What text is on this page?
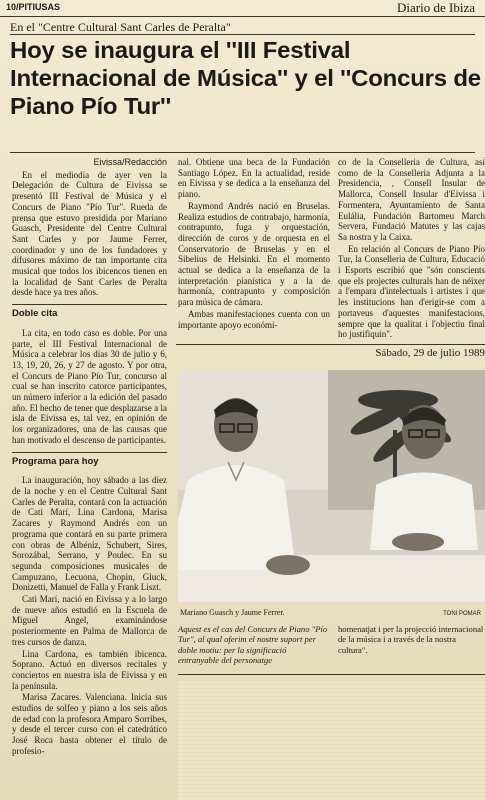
10/PITIUSAS	Diario de Ibiza
En el "Centre Cultural Sant Carles de Peralta"
Hoy se inaugura el ''III Festival Internacional de Música'' y el ''Concurs de Piano Pío Tur''
Eivissa/Redacción

En el mediodía de ayer ven la Delegación de Cultura de Eivissa se presentó III Festival de Música y el Concurs de Piano "Pío Tur". Rueda de prensa que estuvo presidida por Mariano Guasch, Presidente del Centre Cultural Sant Carles y por Jaume Ferrer, coordinador y uno de los fundadores y difusores máximo de tan importante cita musical que todos los ibicencos tienen en la localidad de Sant Carles de Peralta desde hace ya tres años.

Doble cita

La cita, en todo caso es doble. Por una parte, el III Festival Internacional de Música a celebrar los días 30 de julio y 6, 13, 19, 20, 26, y 27 de agosto. Y por otra, el Concurs de Piano Pío Tur, concurso al cual se han inscrito catorce participantes, un número inferior a la edición del pasado año. El hecho de tener que desplazarse a la isla de Eivissa es, tal vez, en opinión de los organizadores, una de las causas que han motivado el descenso de participantes.

Programa para hoy

La inauguración, hoy sábado a las diez de la noche y en el Centre Cultural Sant Carles de Peralta, contará con la actuación de Cati Marí, Lina Cardona, Marisa Zacares y Raymond Andrés con un programa que contará en su parte primera con obras de Albéniz, Schubert, Sires, Sorozábal, Serrano, y Poulec. En su segunda composiciones musicales de Campuzano, Lecuona, Chopin, Gluck, Donizetti, Manuel de Falla y Frank Liszt.

Cati Marí, nació en Eivissa y a lo largo de nueve años estudió en la Escuela de Miguel Angel, examinándose posteriormente en Palma de Mallorca de tres cursos de danza.

Lina Cardona, es también ibicenca. Soprano. Actuó en diversos recitales y conciertos en nuestra isla de Eivissa y en la península.

Marisa Zacares. Valenciana. Inicia sus estudios de solfeo y piano a los seis años de edad con la profesora Amparo Sorribes, y desde el tercer curso con el catedrático José Roca hasta obtener el título de profesio-

nal. Obtiene una beca de la Fundación Santiago López. En la actualidad, reside en Eivissa y se dedica a la enseñanza del piano.

Raymond Andrés nació en Bruselas. Realiza estudios de contrabajo, harmonía, contrapunto, fuga y orquestación, dirección de coros y de orquesta en el Conservatorio de Bruselas y en el Sibelius de Helsinki. En el momento actual se dedica a la enseñanza de la interpretación pianística y a la de harmonía, contrapunto y composición para música de cámara.

Ambas manifestaciones cuenta con un importante apoyo económi-

co de la Conselleria de Cultura, así como de la Conselleria Adjunta a la Presidencia, , Consell Insular de Mallorca, Consell Insular d'Eivissa i Formentera, Ayuntamiento de Santa Eulália, Fundación Bartomeu March Servera, Fundació Matutes y las cajas Sa nostra y la Caixa.

En relación al Concurs de Piano Pío Tur, la Conselleria de Cultura, Educació i Esports escribió que "són conscients que els projectes culturals han de néixer a l'empara d'intelectuals i artistes i que les institucions han d'erigir-se com a portaveus d'aquestes manifestacions, sempre que la qualitat i l'objectiu final ho justifiquin".

Sábado, 29 de julio 1989
Mariano Guasch y Jaume Ferrer.	TONI POMAR
Aquest es el cas del Concurs de Piano "Pío Tur", al qual oferim el nostre suport per doble motiu: per la significació entranyable del personatge
homenatjat i per la projecció internacional de la música i a través de la nostra cultura".
